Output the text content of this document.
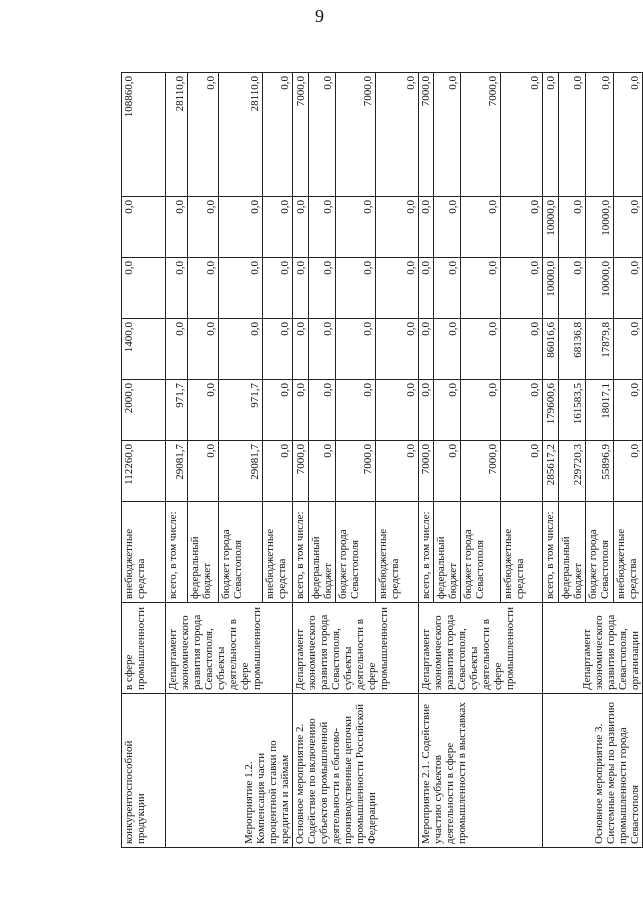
9
конкурентоспособной продукции	в сфере промышленности	внебюджетные средства	112260,0	2000,0	1400,0	0,0	0,0	108860,0
Мероприятие 1.2. Компенсация части процентной ставки по кредитам и займам	Департамент экономического развития города Севастополя, субъекты деятельности в сфере промышленности	всего, в том числе:	29081,7	971,7	0,0	0,0	0,0	28110,0
		федеральный бюджет	0,0	0,0	0,0	0,0	0,0	0,0
		бюджет города Севастополя	29081,7	971,7	0,0	0,0	0,0	28110,0
		внебюджетные средства	0,0	0,0	0,0	0,0	0,0	0,0
Основное мероприятие 2. Содействие по включению субъектов промышленной деятельности в сбытово-производственные цепочки промышленности Российской Федерации	Департамент экономического развития города Севастополя, субъекты деятельности в сфере промышленности	всего, в том числе:	7000,0	0,0	0,0	0,0	0,0	7000,0
		федеральный бюджет	0,0	0,0	0,0	0,0	0,0	0,0
		бюджет города Севастополя	7000,0	0,0	0,0	0,0	0,0	7000,0
		внебюджетные средства	0,0	0,0	0,0	0,0	0,0	0,0
Мероприятие 2.1. Содействие участию субъектов деятельности в сфере промышленности в выставках	Департамент экономического развития города Севастополя, субъекты деятельности в сфере промышленности	всего, в том числе:	7000,0	0,0	0,0	0,0	0,0	7000,0
		федеральный бюджет	0,0	0,0	0,0	0,0	0,0	0,0
		бюджет города Севастополя	7000,0	0,0	0,0	0,0	0,0	7000,0
		внебюджетные средства	0,0	0,0	0,0	0,0	0,0	0,0
Основное мероприятие 3. Системные меры по развитию промышленности города Севастополя	Департамент экономического развития города Севастополя, организации	всего, в том числе:	285617,2	179600,6	86016,6	10000,0	10000,0	0,0
		федеральный бюджет	229720,3	161583,5	68136,8	0,0	0,0	0,0
		бюджет города Севастополя	55896,9	18017,1	17879,8	10000,0	10000,0	0,0
		внебюджетные средства	0,0	0,0	0,0	0,0	0,0	0,0
